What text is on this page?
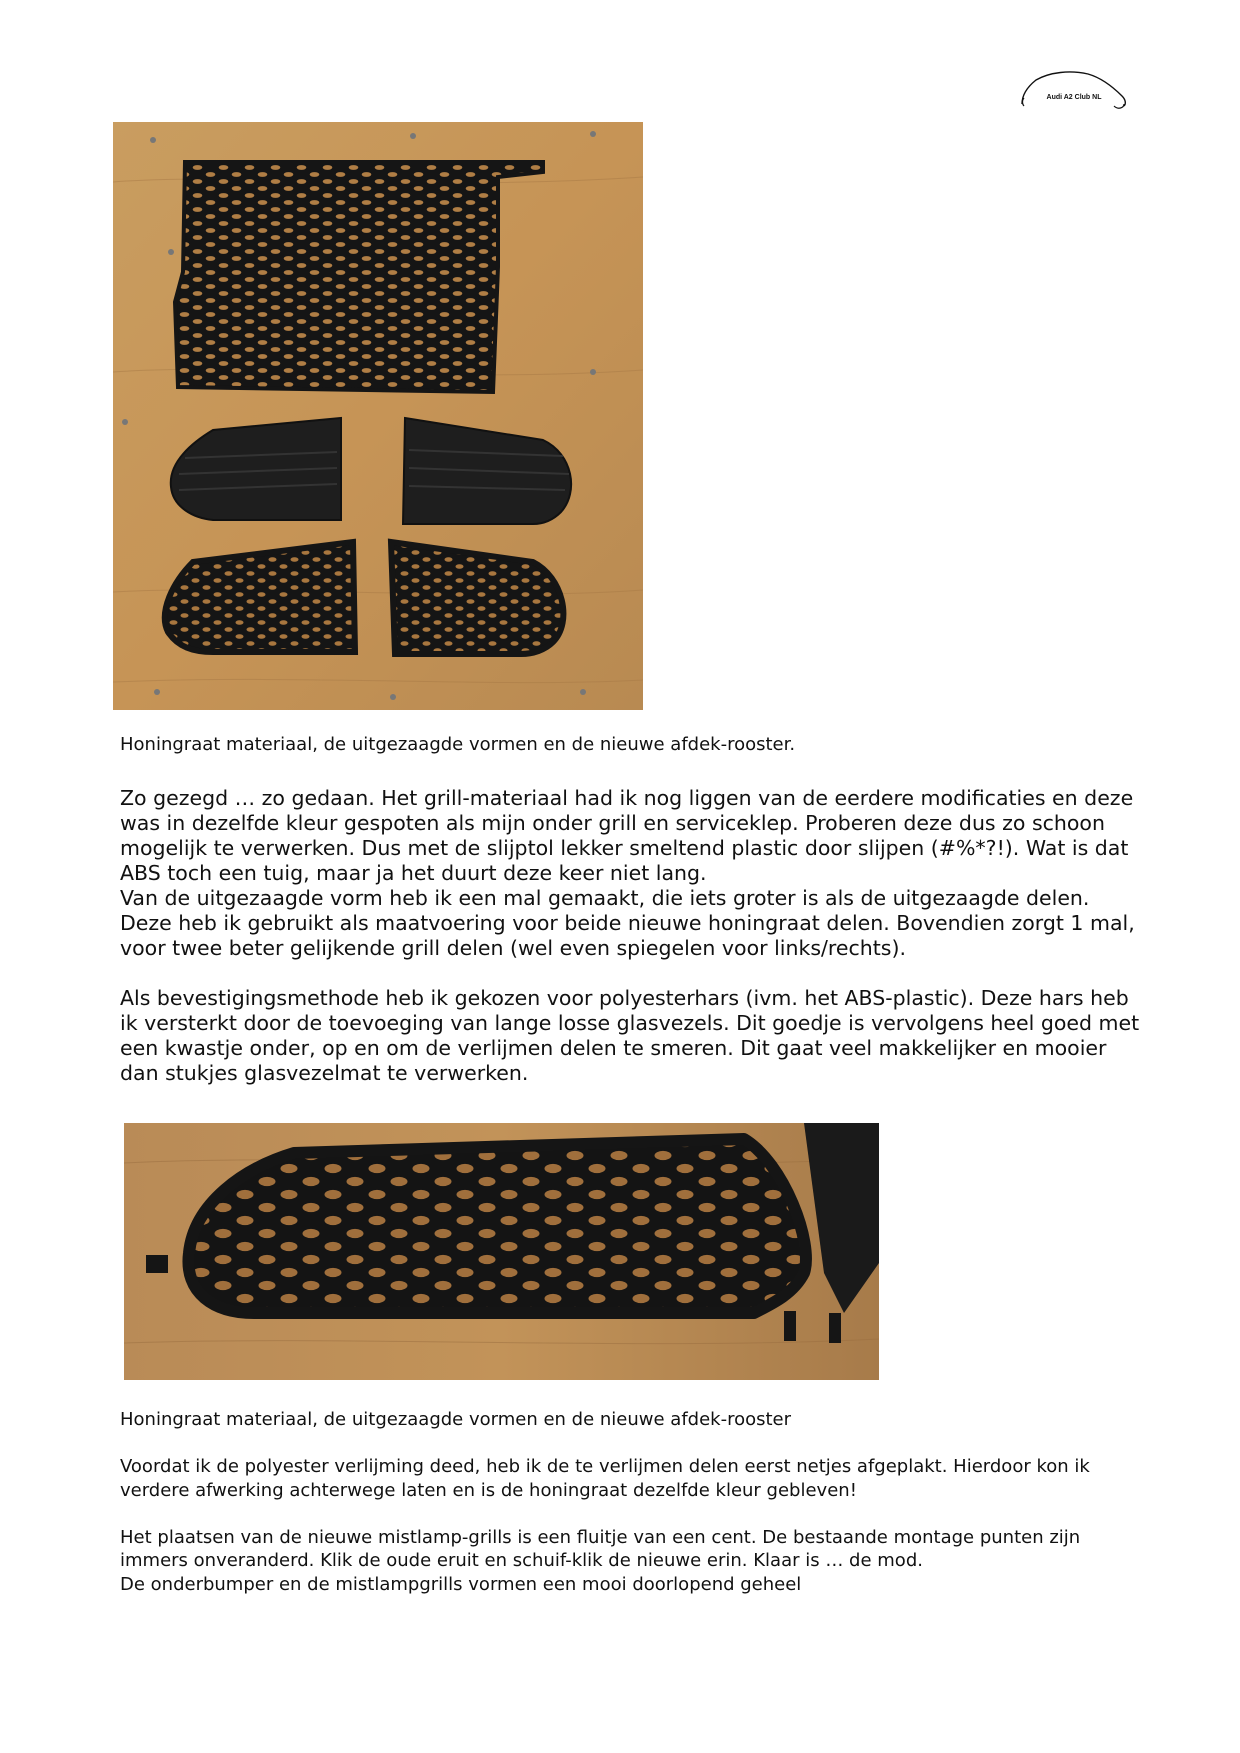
Audi A2 Club NL
Honingraat materiaal, de uitgezaagde vormen en de nieuwe afdek-rooster.

Zo gezegd … zo gedaan. Het grill-materiaal had ik nog liggen van de eerdere modificaties en deze was in dezelfde kleur gespoten als mijn onder grill en serviceklep. Proberen deze dus zo schoon mogelijk te verwerken. Dus met de slijptol lekker smeltend plastic door slijpen (#%*?!). Wat is dat ABS toch een tuig, maar ja het duurt deze keer niet lang.

Van de uitgezaagde vorm heb ik een mal gemaakt, die iets groter is als de uitgezaagde delen. Deze heb ik gebruikt als maatvoering voor beide nieuwe honingraat delen. Bovendien zorgt 1 mal, voor twee beter gelijkende grill delen (wel even spiegelen voor links/rechts).

Als bevestigingsmethode heb ik gekozen voor polyesterhars (ivm. het ABS-plastic). Deze hars heb ik versterkt door de toevoeging van lange losse glasvezels. Dit goedje is vervolgens heel goed met een kwastje onder, op en om de verlijmen delen te smeren. Dit gaat veel makkelijker en mooier dan stukjes glasvezelmat te verwerken.

Honingraat materiaal, de uitgezaagde vormen en de nieuwe afdek-rooster

Voordat ik de polyester verlijming deed, heb ik de te verlijmen delen eerst netjes afgeplakt. Hierdoor kon ik verdere afwerking achterwege laten en is de honingraat dezelfde kleur gebleven!

Het plaatsen van de nieuwe mistlamp-grills is een fluitje van een cent. De bestaande montage punten zijn immers onveranderd. Klik de oude eruit en schuif-klik de nieuwe erin. Klaar is … de mod.

De onderbumper en de mistlampgrills vormen een mooi doorlopend geheel
